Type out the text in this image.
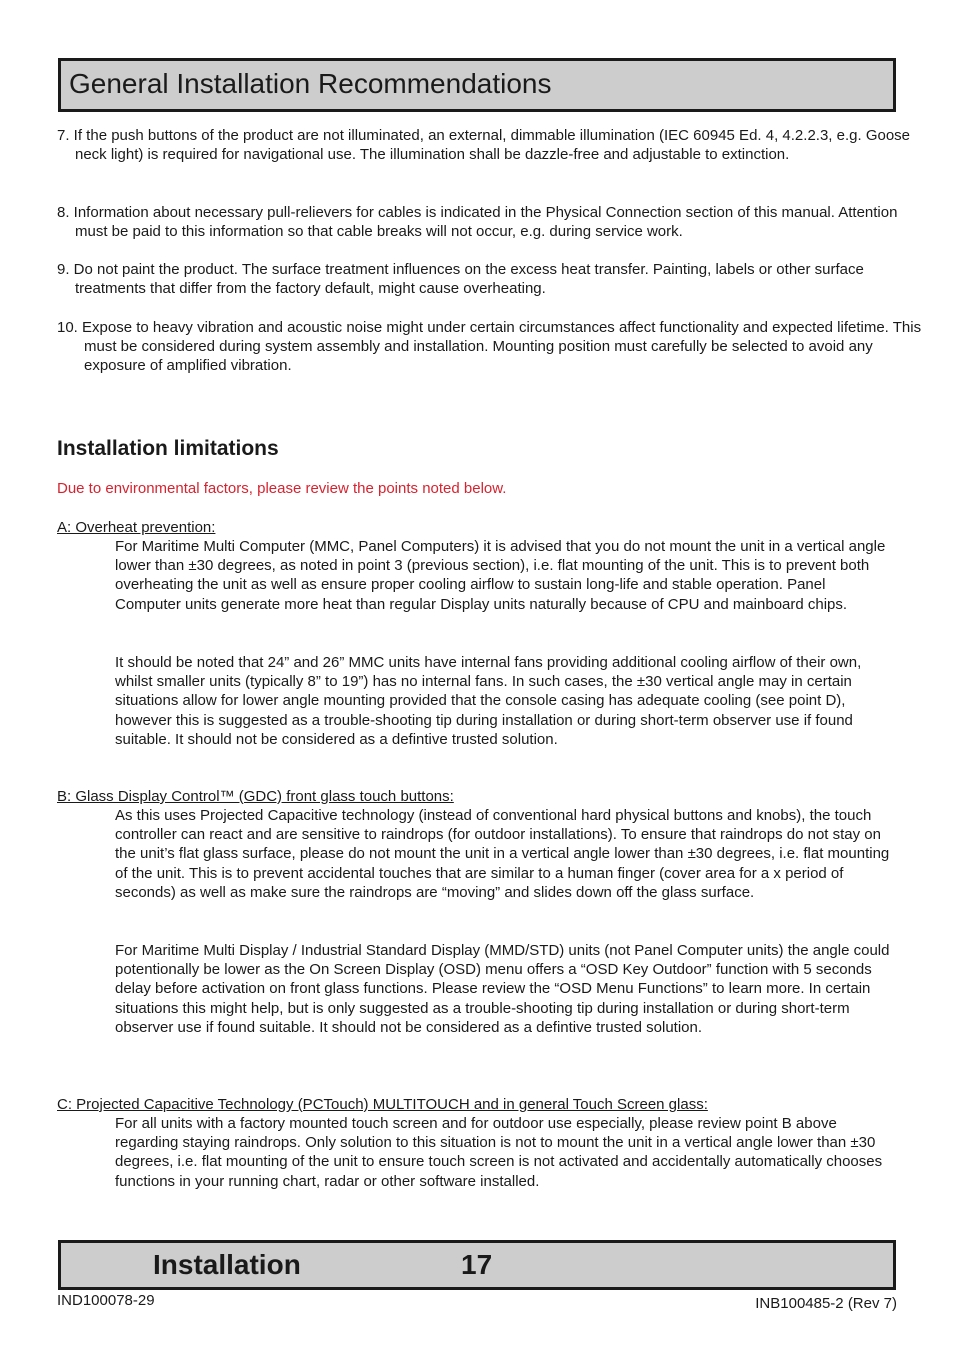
General Installation Recommendations

7. If the push buttons of the product are not illuminated, an external, dimmable illumination (IEC 60945 Ed. 4, 4.2.2.3, e.g. Goose neck light) is required for navigational use. The illumination shall be dazzle-free and adjustable to extinction.

8. Information about necessary pull-relievers for cables is indicated in the Physical Connection section of this manual. Attention must be paid to this information so that cable breaks will not occur, e.g. during service work.

9. Do not paint the product. The surface treatment influences on the excess heat transfer. Painting, labels or other surface treatments that differ from the factory default, might cause overheating.

10. Expose to heavy vibration and acoustic noise might under certain circumstances affect functionality and expected lifetime. This must be considered during system assembly and installation. Mounting position must carefully be selected to avoid any exposure of amplified vibration.

Installation limitations

Due to environmental factors, please review the points noted below.

A: Overheat prevention:

For Maritime Multi Computer (MMC, Panel Computers) it is advised that you do not mount the unit in a vertical angle lower than ±30 degrees, as noted in point 3 (previous section), i.e. flat mounting of the unit. This is to prevent both overheating the unit as well as ensure proper cooling airflow to sustain long-life and stable operation. Panel Computer units generate more heat than regular Display units naturally because of CPU and mainboard chips.

It should be noted that 24” and 26” MMC units have internal fans providing additional cooling airflow of their own, whilst smaller units (typically 8” to 19”) has no internal fans. In such cases, the ±30 vertical angle may in certain situations allow for lower angle mounting provided that the console casing has adequate cooling (see point D), however this is suggested as a trouble-shooting tip during installation or during short-term observer use if found suitable. It should not be considered as a defintive trusted solution.

B: Glass Display Control™ (GDC) front glass touch buttons:

As this uses Projected Capacitive technology (instead of conventional hard physical buttons and knobs), the touch controller can react and are sensitive to raindrops (for outdoor installations). To ensure that raindrops do not stay on the unit’s flat glass surface, please do not mount the unit in a vertical angle lower than ±30 degrees, i.e. flat mounting of the unit. This is to prevent accidental touches that are similar to a human finger (cover area for a x period of seconds) as well as make sure the raindrops are “moving” and slides down off the glass surface.

For Maritime Multi Display / Industrial Standard Display (MMD/STD) units (not Panel Computer units) the angle could potentionally be lower as the On Screen Display (OSD) menu offers a “OSD Key Outdoor” function with 5 seconds delay before activation on front glass functions. Please review the “OSD Menu Functions” to learn more. In certain situations this might help, but is only suggested as a trouble-shooting tip during installation or during short-term observer use if found suitable. It should not be considered as a defintive trusted solution.

C: Projected Capacitive Technology (PCTouch) MULTITOUCH and in general Touch Screen glass:

For all units with a factory mounted touch screen and for outdoor use especially, please review point B above regarding staying raindrops. Only solution to this situation is not to mount the unit in a vertical angle lower than ±30 degrees, i.e. flat mounting of the unit to ensure touch screen is not activated and accidentally automatically chooses functions in your running chart, radar or other software installed.

Installation	17

IND100078-29	INB100485-2 (Rev 7)
